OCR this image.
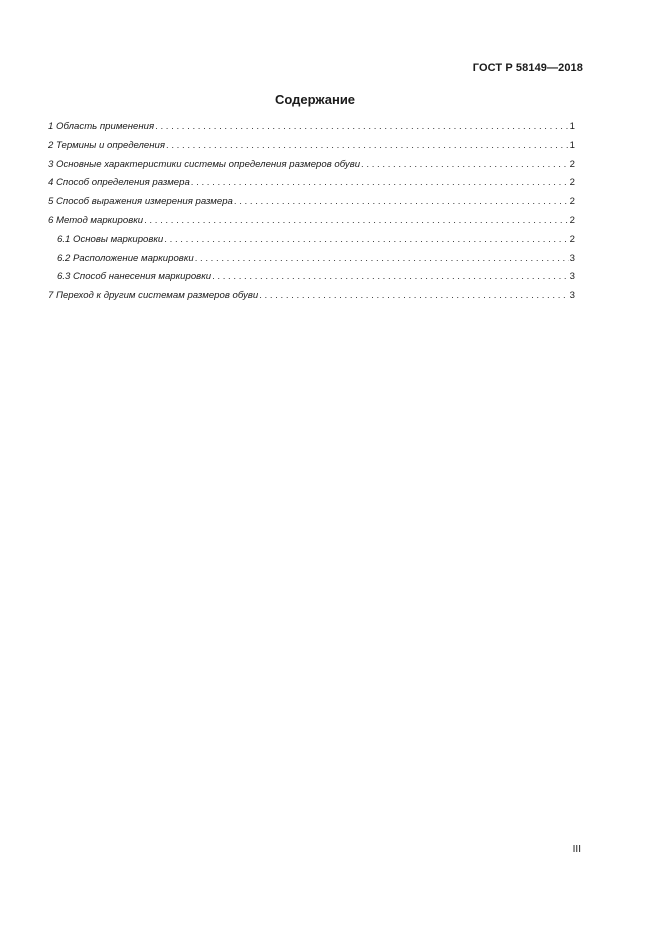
ГОСТ Р 58149—2018
Содержание
1 Область применения . . .	1
2 Термины и определения . . .	1
3 Основные характеристики системы определения размеров обуви . . .	2
4 Способ определения размера . . .	2
5 Способ выражения измерения размера . . .	2
6 Метод маркировки . . .	2
6.1 Основы маркировки . . .	2
6.2 Расположение маркировки . . .	3
6.3 Способ нанесения маркировки . . .	3
7 Переход к другим системам размеров обуви . . .	3
III
